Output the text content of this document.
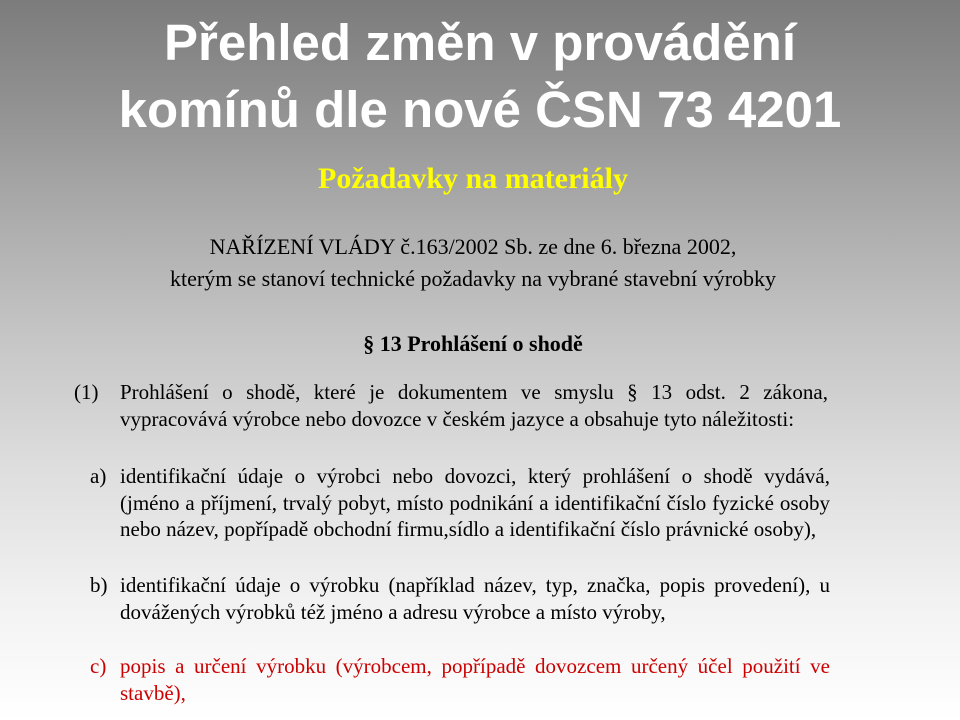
Přehled změn v provádění
komínů dle nové ČSN 73 4201
Požadavky na materiály
NAŘÍZENÍ VLÁDY č.163/2002 Sb. ze dne 6. března 2002,
kterým se stanoví technické požadavky na vybrané stavební výrobky
§ 13 Prohlášení o shodě
(1) Prohlášení o shodě, které je dokumentem ve smyslu § 13 odst. 2 zákona, vypracovává výrobce nebo dovozce v českém jazyce a obsahuje tyto náležitosti:
a) identifikační údaje o výrobci nebo dovozci, který prohlášení o shodě vydává, (jméno a příjmení, trvalý pobyt, místo podnikání a identifikační číslo fyzické osoby nebo název, popřípadě obchodní firmu,sídlo a identifikační číslo právnické osoby),
b) identifikační údaje o výrobku (například název, typ, značka, popis provedení), u dovážených výrobků též jméno a adresu výrobce a místo výroby,
c) popis a určení výrobku (výrobcem, popřípadě dovozcem určený účel použití ve stavbě),
